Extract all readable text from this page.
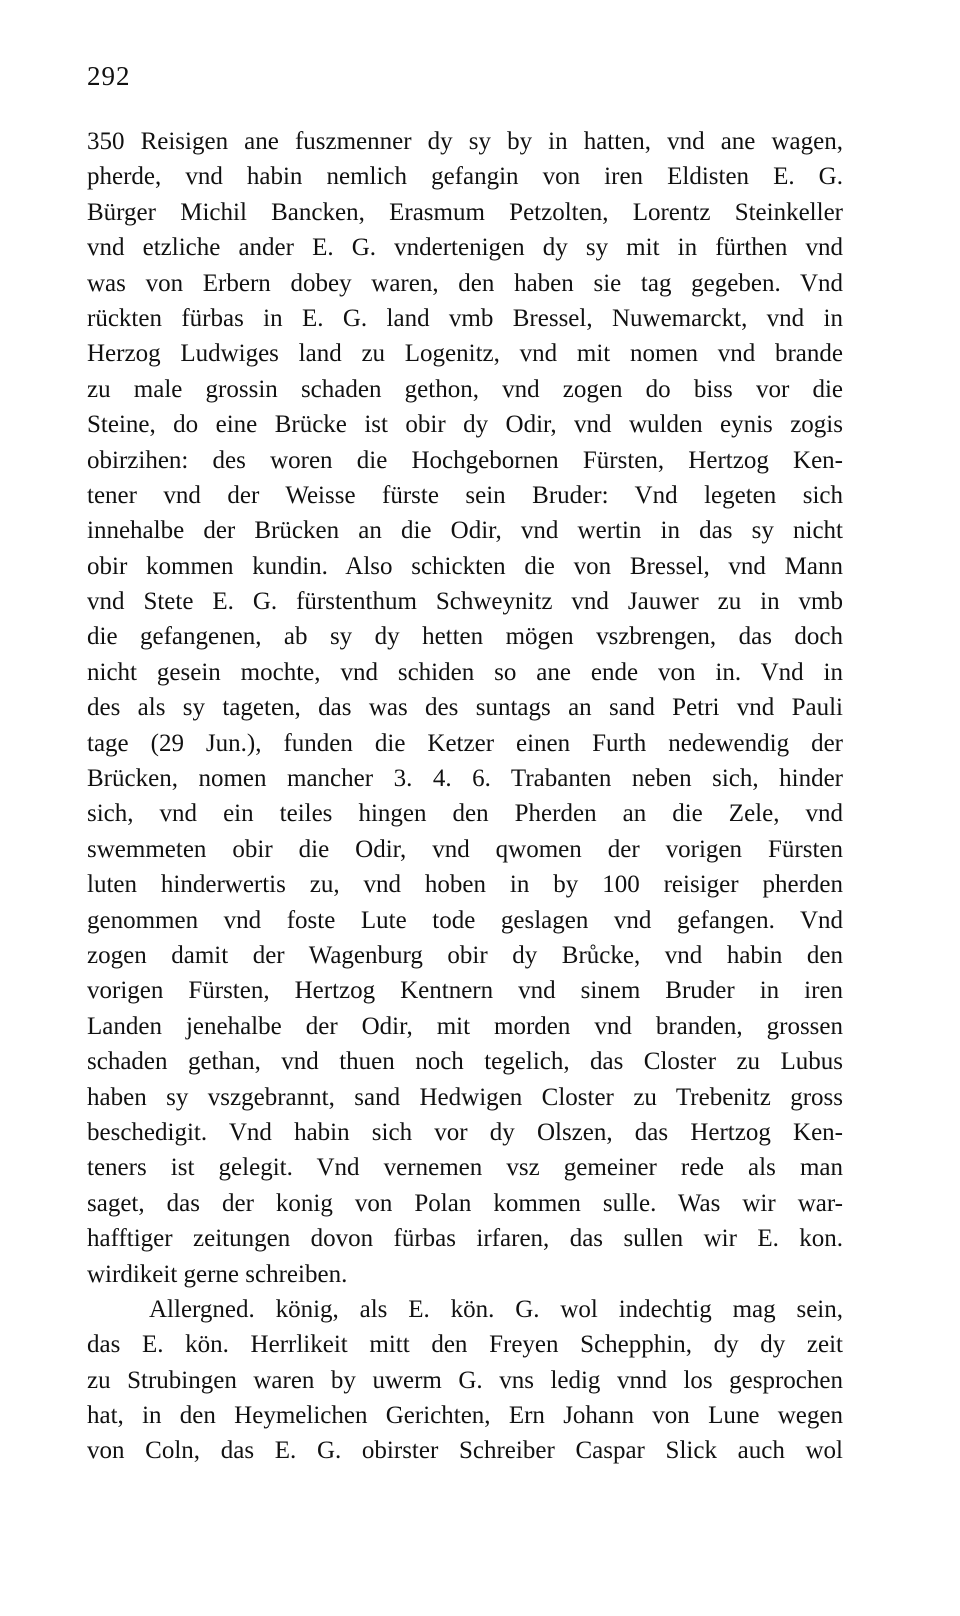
292
350 Reisigen ane fuszmenner dy sy by in hatten, vnd ane wagen,
pherde, vnd habin nemlich gefangin von iren Eldisten E. G.
Bürger Michil Bancken, Erasmum Petzolten, Lorentz Steinkeller
vnd etzliche ander E. G. vndertenigen dy sy mit in fürthen vnd
was von Erbern dobey waren, den haben sie tag gegeben. Vnd
rückten fürbas in E. G. land vmb Bressel, Nuwemarckt, vnd in
Herzog Ludwiges land zu Logenitz, vnd mit nomen vnd brande
zu male grossin schaden gethon, vnd zogen do biss vor die
Steine, do eine Brücke ist obir dy Odir, vnd wulden eynis zogis
obirzihen: des woren die Hochgebornen Fürsten, Hertzog Ken-
tener vnd der Weisse fürste sein Bruder: Vnd legeten sich
innehalbe der Brücken an die Odir, vnd wertin in das sy nicht
obir kommen kundin. Also schickten die von Bressel, vnd Mann
vnd Stete E. G. fürstenthum Schweynitz vnd Jauwer zu in vmb
die gefangenen, ab sy dy hetten mögen vszbrengen, das doch
nicht gesein mochte, vnd schiden so ane ende von in. Vnd in
des als sy tageten, das was des suntags an sand Petri vnd Pauli
tage (29 Jun.), funden die Ketzer einen Furth nedewendig der
Brücken, nomen mancher 3. 4. 6. Trabanten neben sich, hinder
sich, vnd ein teiles hingen den Pherden an die Zele, vnd
swemmeten obir die Odir, vnd qwomen der vorigen Fürsten
luten hinderwertis zu, vnd hoben in by 100 reisiger pherden
genommen vnd foste Lute tode geslagen vnd gefangen. Vnd
zogen damit der Wagenburg obir dy Brůcke, vnd habin den
vorigen Fürsten, Hertzog Kentnern vnd sinem Bruder in iren
Landen jenehalbe der Odir, mit morden vnd branden, grossen
schaden gethan, vnd thuen noch tegelich, das Closter zu Lubus
haben sy vszgebrannt, sand Hedwigen Closter zu Trebenitz gross
beschedigit. Vnd habin sich vor dy Olszen, das Hertzog Ken-
teners ist gelegit. Vnd vernemen vsz gemeiner rede als man
saget, das der konig von Polan kommen sulle. Was wir war-
hafftiger zeitungen dovon fürbas irfaren, das sullen wir E. kon.
wirdikeit gerne schreiben.
Allergned. könig, als E. kön. G. wol indechtig mag sein,
das E. kön. Herrlikeit mitt den Freyen Schepphin, dy dy zeit
zu Strubingen waren by uwerm G. vns ledig vnnd los gesprochen
hat, in den Heymelichen Gerichten, Ern Johann von Lune wegen
von Coln, das E. G. obirster Schreiber Caspar Slick auch wol
